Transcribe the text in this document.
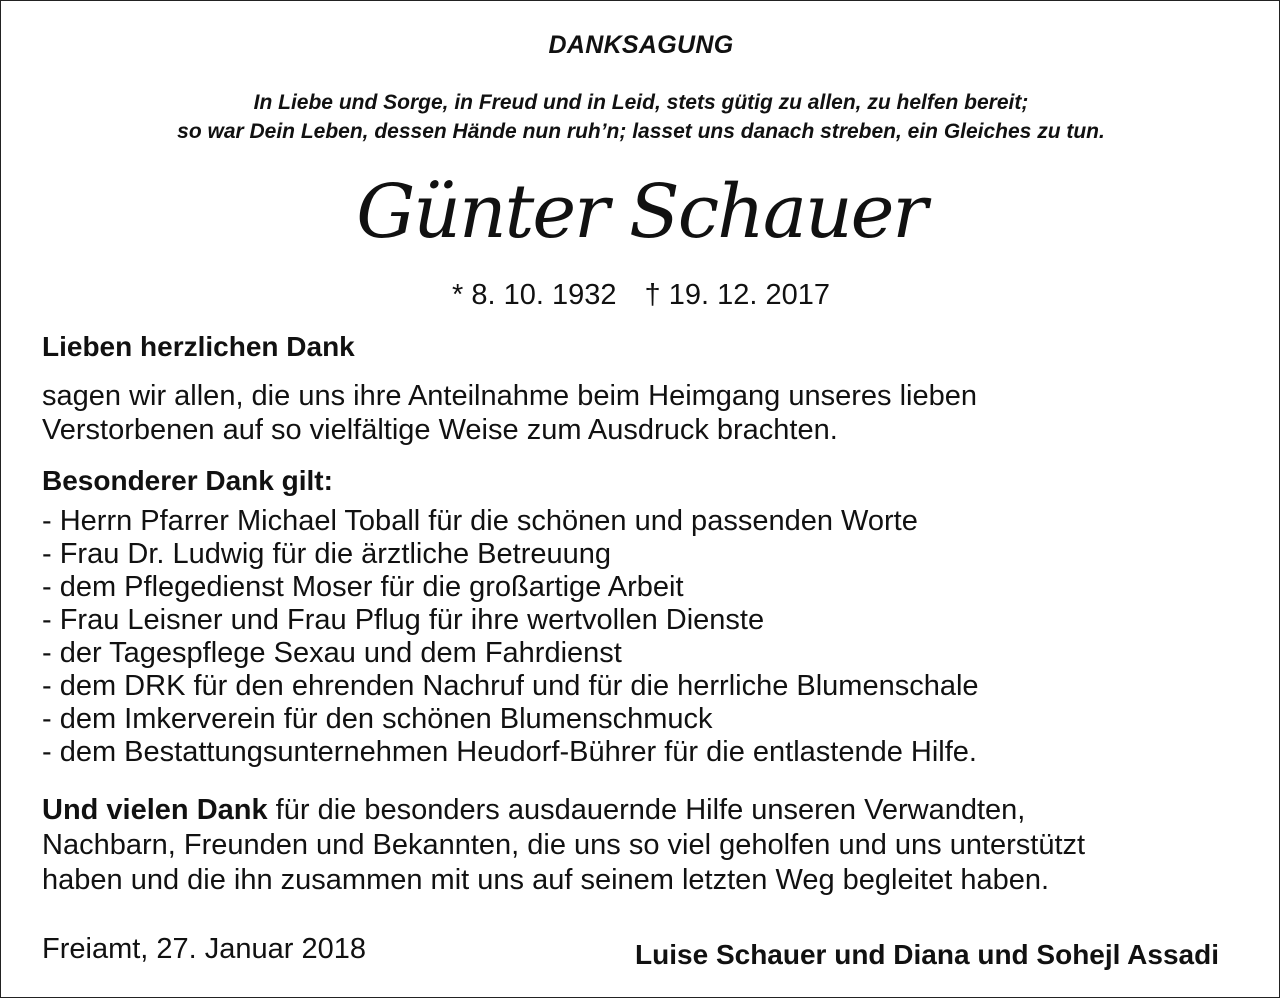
DANKSAGUNG
In Liebe und Sorge, in Freud und in Leid, stets gütig zu allen, zu helfen bereit;
so war Dein Leben, dessen Hände nun ruh’n; lasset uns danach streben, ein Gleiches zu tun.
Günter Schauer
* 8. 10. 1932 † 19. 12. 2017
Lieben herzlichen Dank
sagen wir allen, die uns ihre Anteilnahme beim Heimgang unseres lieben
Verstorbenen auf so vielfältige Weise zum Ausdruck brachten.
Besonderer Dank gilt:
- Herrn Pfarrer Michael Toball für die schönen und passenden Worte
- Frau Dr. Ludwig für die ärztliche Betreuung
- dem Pflegedienst Moser für die großartige Arbeit
- Frau Leisner und Frau Pflug für ihre wertvollen Dienste
- der Tagespflege Sexau und dem Fahrdienst
- dem DRK für den ehrenden Nachruf und für die herrliche Blumenschale
- dem Imkerverein für den schönen Blumenschmuck
- dem Bestattungsunternehmen Heudorf-Bührer für die entlastende Hilfe.
Und vielen Dank für die besonders ausdauernde Hilfe unseren Verwandten,
Nachbarn, Freunden und Bekannten, die uns so viel geholfen und uns unterstützt
haben und die ihn zusammen mit uns auf seinem letzten Weg begleitet haben.
Freiamt, 27. Januar 2018	Luise Schauer und Diana und Sohejl Assadi
